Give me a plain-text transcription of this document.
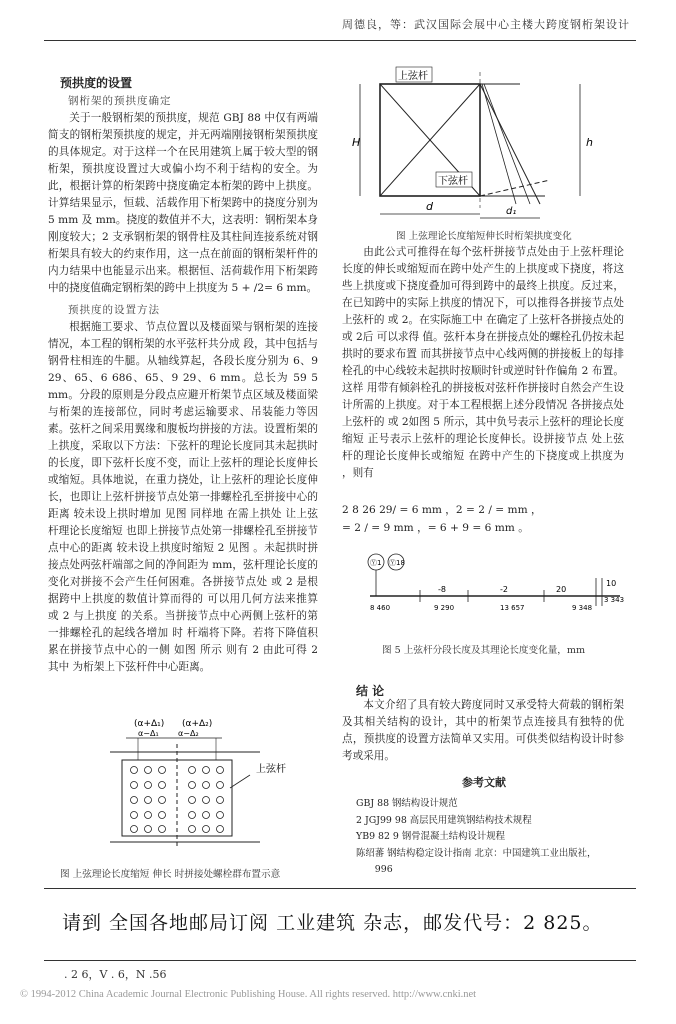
周德良，等：武汉国际会展中心主楼大跨度钢桁架设计
预拱度的设置
钢桁架的预拱度确定
关于一般钢桁架的预拱度，规范 GBJ 88 中仅有两端简支的钢桁架预拱度的规定，并无两端刚接钢桁架预拱度的具体规定。对于这样一个在民用建筑上属于较大型的钢桁架，预拱度设置过大或偏小均不利于结构的安全。为此，根据计算的桁架跨中挠度确定本桁架的跨中上拱度。计算结果显示，恒载、活载作用下桁架跨中的挠度分别为 5 mm 及 mm。挠度的数值并不大，这表明：钢桁架本身刚度较大；2 支承钢桁架的钢骨柱及其柱间连接系统对钢桁架具有较大的约束作用，这一点在前面的钢桁架杆件的内力结果中也能显示出来。根据恒、活荷载作用下桁架跨中的挠度值确定钢桁架的跨中上拱度为 5 + /2= 6 mm。
预拱度的设置方法
根据施工要求、节点位置以及楼面梁与钢桁架的连接情况，本工程的钢桁架的水平弦杆共分成 段，其中包括与钢骨柱相连的牛腿。从轴线算起，各段长度分别为 6、9 29、65、6 686、65、9 29、6 mm。总长为 59 5 mm。分段的原则是分段点应避开桁架节点区域及楼面梁与桁架的连接部位，同时考虑运输要求、吊装能力等因素。弦杆之间采用翼缘和腹板均拼接的方法。设置桁架的上拱度，采取以下方法：下弦杆的理论长度同其未起拱时的长度，即下弦杆长度不变，而让上弦杆的理论长度伸长或缩短。具体地说，在重力挠处，让上弦杆的理论长度伸长，也即让上弦杆拼接节点处第一排螺栓孔至拼接中心的距离 较未设上拱时增加 见图 同样地 在需上拱处 让上弦杆理论长度缩短 也即上拼接节点处第一排螺栓孔至拼接节点中心的距离 较未设上拱度时缩短 2 见图 。未起拱时拼接点处两弦杆端部之间的净间距为 mm，弦杆理论长度的变化对拼接不会产生任何困难。各拼接节点处 或 2 是根据跨中上拱度的数值计算而得的 可以用几何方法来推算 或 2 与上拱度 的关系。当拼接节点中心两侧上弦杆的第一排螺栓孔的起线各增加 时 杆端将下降。若将下降值积累在拼接节点中心的一侧 如图 所示 则有 2 由此可得 2 其中 为桁架上下弦杆件中心距离。
(α+Δ₁) (α+Δ₂)
α−Δ₁ α−Δ₂
上弦杆
图 上弦理论长度缩短 伸长 时拼接处螺栓群布置示意
H	h
d	d₁
上弦杆
下弦杆
图 上弦理论长度缩短伸长时桁架拱度变化
由此公式可推得在每个弦杆拼接节点处由于上弦杆理论长度的伸长或缩短而在跨中处产生的上拱度或下挠度，将这些上拱度或下挠度叠加可得到跨中的最终上拱度。反过来，在已知跨中的实际上拱度的情况下，可以推得各拼接节点处上弦杆的 或 2。在实际施工中 在确定了上弦杆各拼接点处的 或 2后 可以求得 值。弦杆本身在拼接点处的螺栓孔仍按未起拱时的要求布置 而其拼接节点中心线两侧的拼接板上的每排栓孔的中心线较未起拱时按顺时针或逆时针作偏角 2 布置。这样 用带有倾斜栓孔的拼接板对弦杆作拼接时自然会产生设计所需的上拱度。对于本工程根据上述分段情况 各拼接点处上弦杆的 或 2如图 5 所示，其中负号表示上弦杆的理论长度缩短 正号表示上弦杆的理论长度伸长。设拼接节点 处上弦杆的理论长度伸长或缩短 在跨中产生的下挠度或上拱度为 ，则有
2 8 26 29/ = 6 mm ，2 = 2 / = mm ，
= 2 / = 9 mm ，= 6 + 9 = 6 mm 。
Ⓨ1 Ⓨ18
-8	-2	20
10
8 460	9 290	13 657	9 348
3 343
图 5 上弦杆分段长度及其理论长度变化量，mm
结 论
本文介绍了具有较大跨度同时又承受特大荷载的钢桁架及其相关结构的设计，其中的桁架节点连接具有独特的优点，预拱度的设置方法简单又实用。可供类似结构设计时参考或采用。
参考文献
GBJ 88 钢结构设计规范
2 JGJ99 98 高层民用建筑钢结构技术规程
YB9 82 9 钢骨混凝土结构设计规程
陈绍蕃 钢结构稳定设计指南 北京：中国建筑工业出版社，
996
请到 全国各地邮局订阅 工业建筑 杂志，邮发代号：2 825。
. 2 6，V . 6，N .56
© 1994-2012 China Academic Journal Electronic Publishing House. All rights reserved. http://www.cnki.net
